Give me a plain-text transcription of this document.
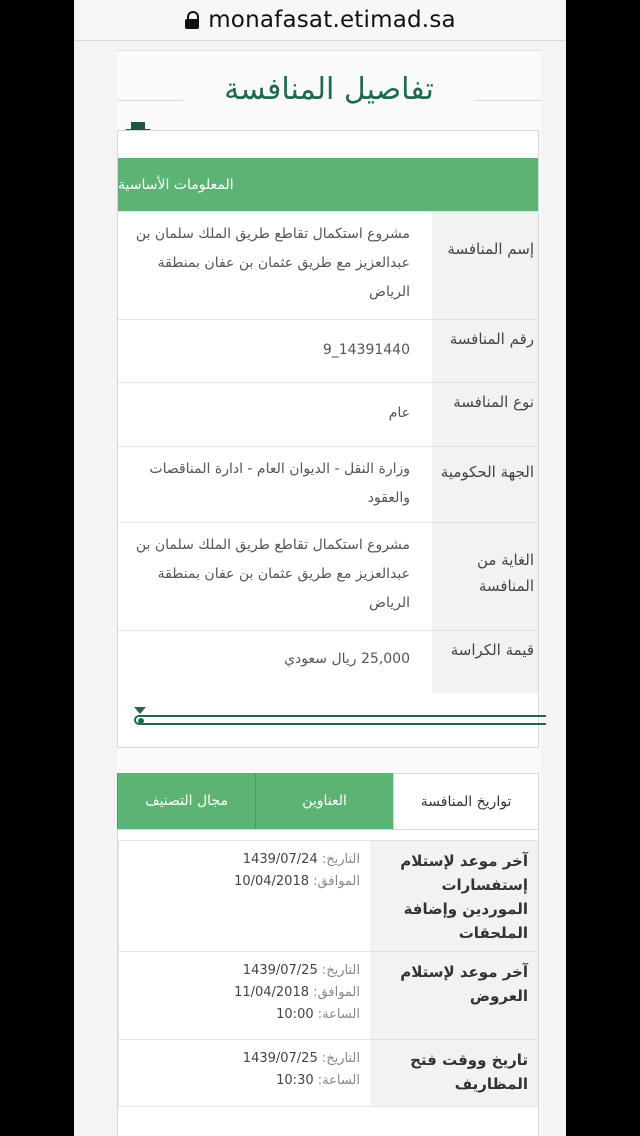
monafasat.etimad.sa
تفاصيل المنافسة
المعلومات الأساسية
إسم المنافسة
مشروع استكمال تقاطع طريق الملك سلمان بن عبدالعزيز مع طريق عثمان بن عفان بمنطقة الرياض
رقم المنافسة
14391440_9
نوع المنافسة
عام
الجهة الحكومية
وزارة النقل - الديوان العام - ادارة المناقصات والعقود
الغاية من المنافسة
مشروع استكمال تقاطع طريق الملك سلمان بن عبدالعزيز مع طريق عثمان بن عفان بمنطقة الرياض
قيمة الكراسة
25,000 ريال سعودي
تواريخ المنافسة
العناوين
مجال التصنيف
آخر موعد لإستلام إستفسارات الموردين وإضافة الملحقات
التاريخ: 1439/07/24
الموافق: 10/04/2018
آخر موعد لإستلام العروض
التاريخ: 1439/07/25
الموافق: 11/04/2018
الساعة: 10:00
تاريخ ووقت فتح المظاريف
التاريخ: 1439/07/25
الساعة: 10:30
